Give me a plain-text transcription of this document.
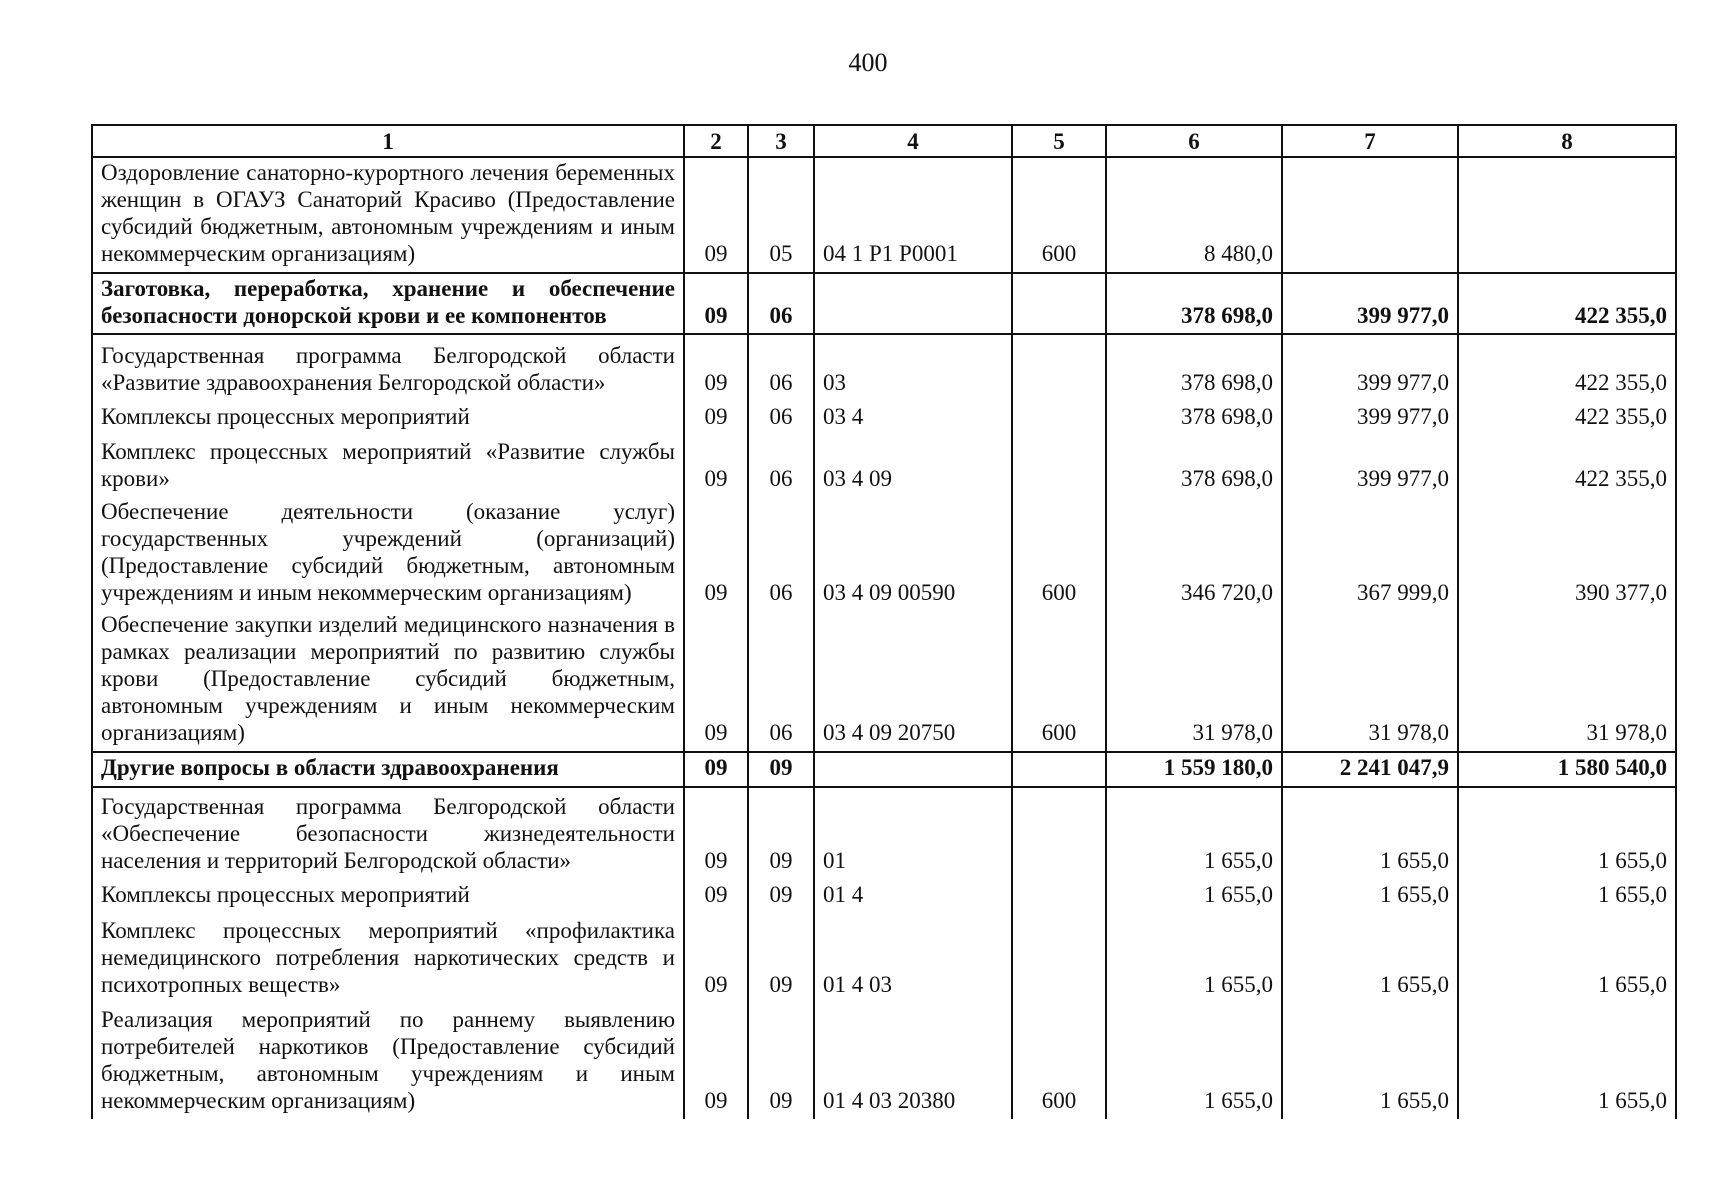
400
1	2	3	4	5	6	7	8
Оздоровление санаторно-курортного лечения беременных женщин в ОГАУЗ Санаторий Красиво (Предоставление субсидий бюджетным, автономным учреждениям и иным некоммерческим организациям)	09	05	04 1 Р1 Р0001	600	8 480,0		
Заготовка, переработка, хранение и обеспечение безопасности донорской крови и ее компонентов	09	06			378 698,0	399 977,0	422 355,0
Государственная программа Белгородской области «Развитие здравоохранения Белгородской области»	09	06	03		378 698,0	399 977,0	422 355,0
Комплексы процессных мероприятий	09	06	03 4		378 698,0	399 977,0	422 355,0
Комплекс процессных мероприятий «Развитие службы крови»	09	06	03 4 09		378 698,0	399 977,0	422 355,0
Обеспечение деятельности (оказание услуг) государственных учреждений (организаций) (Предоставление субсидий бюджетным, автономным учреждениям и иным некоммерческим организациям)	09	06	03 4 09 00590	600	346 720,0	367 999,0	390 377,0
Обеспечение закупки изделий медицинского назначения в рамках реализации мероприятий по развитию службы крови (Предоставление субсидий бюджетным, автономным учреждениям и иным некоммерческим организациям)	09	06	03 4 09 20750	600	31 978,0	31 978,0	31 978,0
Другие вопросы в области здравоохранения	09	09			1 559 180,0	2 241 047,9	1 580 540,0
Государственная программа Белгородской области «Обеспечение безопасности жизнедеятельности населения и территорий Белгородской области»	09	09	01		1 655,0	1 655,0	1 655,0
Комплексы процессных мероприятий	09	09	01 4		1 655,0	1 655,0	1 655,0
Комплекс процессных мероприятий «профилактика немедицинского потребления наркотических средств и психотропных веществ»	09	09	01 4 03		1 655,0	1 655,0	1 655,0
Реализация мероприятий по раннему выявлению потребителей наркотиков (Предоставление субсидий бюджетным, автономным учреждениям и иным некоммерческим организациям)	09	09	01 4 03 20380	600	1 655,0	1 655,0	1 655,0
